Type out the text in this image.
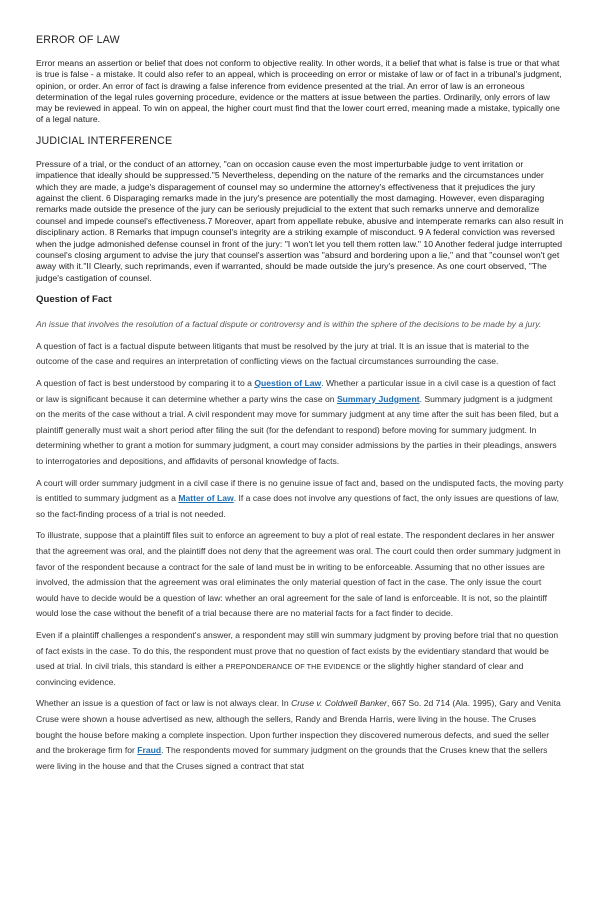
ERROR OF LAW

Error means an assertion or belief that does not conform to objective reality. In other words, it a belief that what is false is true or that what is true is false - a mistake. It could also refer to an appeal, which is proceeding on error or mistake of law or of fact in a tribunal's judgment, opinion, or order. An error of fact is drawing a false inference from evidence presented at the trial. An error of law is an erroneous determination of the legal rules governing procedure, evidence or the matters at issue between the parties. Ordinarily, only errors of law may be reviewed in appeal. To win on appeal, the higher court must find that the lower court erred, meaning made a mistake, typically one of a legal nature.

JUDICIAL INTERFERENCE

Pressure of a trial, or the conduct of an attorney, "can on occasion cause even the most imperturbable judge to vent irritation or impatience that ideally should be suppressed."5 Nevertheless, depending on the nature of the remarks and the circumstances under which they are made, a judge's disparagement of counsel may so undermine the attorney's effectiveness that it prejudices the jury against the client. 6 Disparaging remarks made in the jury's presence are potentially the most damaging. However, even disparaging remarks made outside the presence of the jury can be seriously prejudicial to the extent that such remarks unnerve and demoralize counsel and impede counsel's effectiveness.7 Moreover, apart from appellate rebuke, abusive and intemperate remarks can also result in disciplinary action. 8 Remarks that impugn counsel's integrity are a striking example of misconduct. 9 A federal conviction was reversed when the judge admonished defense counsel in front of the jury: "I won't let you tell them rotten law." 10 Another federal judge interrupted counsel's closing argument to advise the jury that counsel's assertion was "absurd and bordering upon a lie," and that "counsel won't get away with it."II Clearly, such reprimands, even if warranted, should be made outside the jury's presence. As one court observed, "The judge's castigation of counsel.

Question of Fact

An issue that involves the resolution of a factual dispute or controversy and is within the sphere of the decisions to be made by a jury.

A question of fact is a factual dispute between litigants that must be resolved by the jury at trial. It is an issue that is material to the outcome of the case and requires an interpretation of conflicting views on the factual circumstances surrounding the case.

A question of fact is best understood by comparing it to a Question of Law. Whether a particular issue in a civil case is a question of fact or law is significant because it can determine whether a party wins the case on Summary Judgment. Summary judgment is a judgment on the merits of the case without a trial. A civil respondent may move for summary judgment at any time after the suit has been filed, but a plaintiff generally must wait a short period after filing the suit (for the defendant to respond) before moving for summary judgment. In determining whether to grant a motion for summary judgment, a court may consider admissions by the parties in their pleadings, answers to interrogatories and depositions, and affidavits of personal knowledge of facts.

A court will order summary judgment in a civil case if there is no genuine issue of fact and, based on the undisputed facts, the moving party is entitled to summary judgment as a Matter of Law. If a case does not involve any questions of fact, the only issues are questions of law, so the fact-finding process of a trial is not needed.

To illustrate, suppose that a plaintiff files suit to enforce an agreement to buy a plot of real estate. The respondent declares in her answer that the agreement was oral, and the plaintiff does not deny that the agreement was oral. The court could then order summary judgment in favor of the respondent because a contract for the sale of land must be in writing to be enforceable. Assuming that no other issues are involved, the admission that the agreement was oral eliminates the only material question of fact in the case. The only issue the court would have to decide would be a question of law: whether an oral agreement for the sale of land is enforceable. It is not, so the plaintiff would lose the case without the benefit of a trial because there are no material facts for a fact finder to decide.

Even if a plaintiff challenges a respondent's answer, a respondent may still win summary judgment by proving before trial that no question of fact exists in the case. To do this, the respondent must prove that no question of fact exists by the evidentiary standard that would be used at trial. In civil trials, this standard is either a PREPONDERANCE OF THE EVIDENCE or the slightly higher standard of clear and convincing evidence.

Whether an issue is a question of fact or law is not always clear. In Cruse v. Coldwell Banker, 667 So. 2d 714 (Ala. 1995), Gary and Venita Cruse were shown a house advertised as new, although the sellers, Randy and Brenda Harris, were living in the house. The Cruses bought the house before making a complete inspection. Upon further inspection they discovered numerous defects, and sued the seller and the brokerage firm for Fraud. The respondents moved for summary judgment on the grounds that the Cruses knew that the sellers were living in the house and that the Cruses signed a contract that stat
